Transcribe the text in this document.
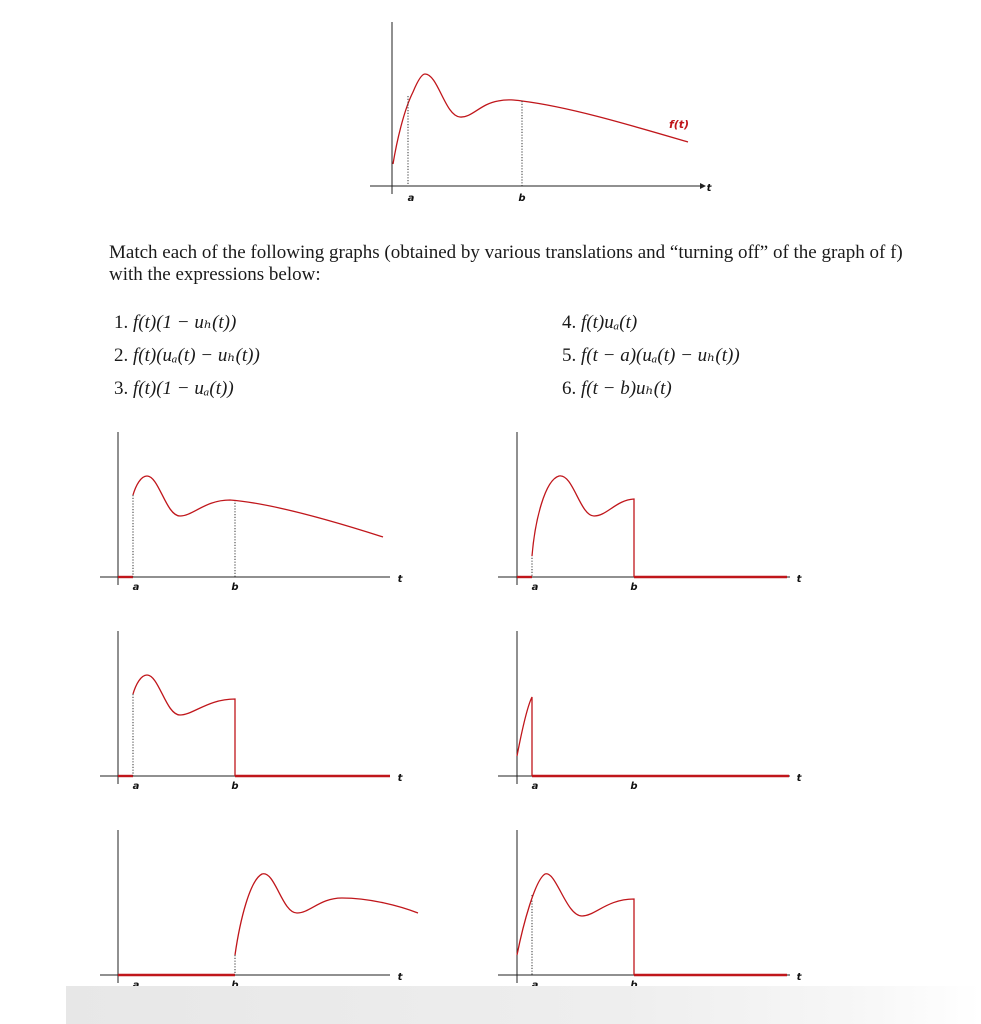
a	b
t
f(t)
a	b
t
a	b
t
a	b
t
a	b
t
t	t
Match each of the following graphs (obtained by various translations and “turning off” of the graph of f)
with the expressions below:
1. f(t)(1 − uₕ(t))
2. f(t)(uₐ(t) − uₕ(t))
3. f(t)(1 − uₐ(t))
4. f(t)uₐ(t)
5. f(t − a)(uₐ(t) − uₕ(t))
6. f(t − b)uₕ(t)
